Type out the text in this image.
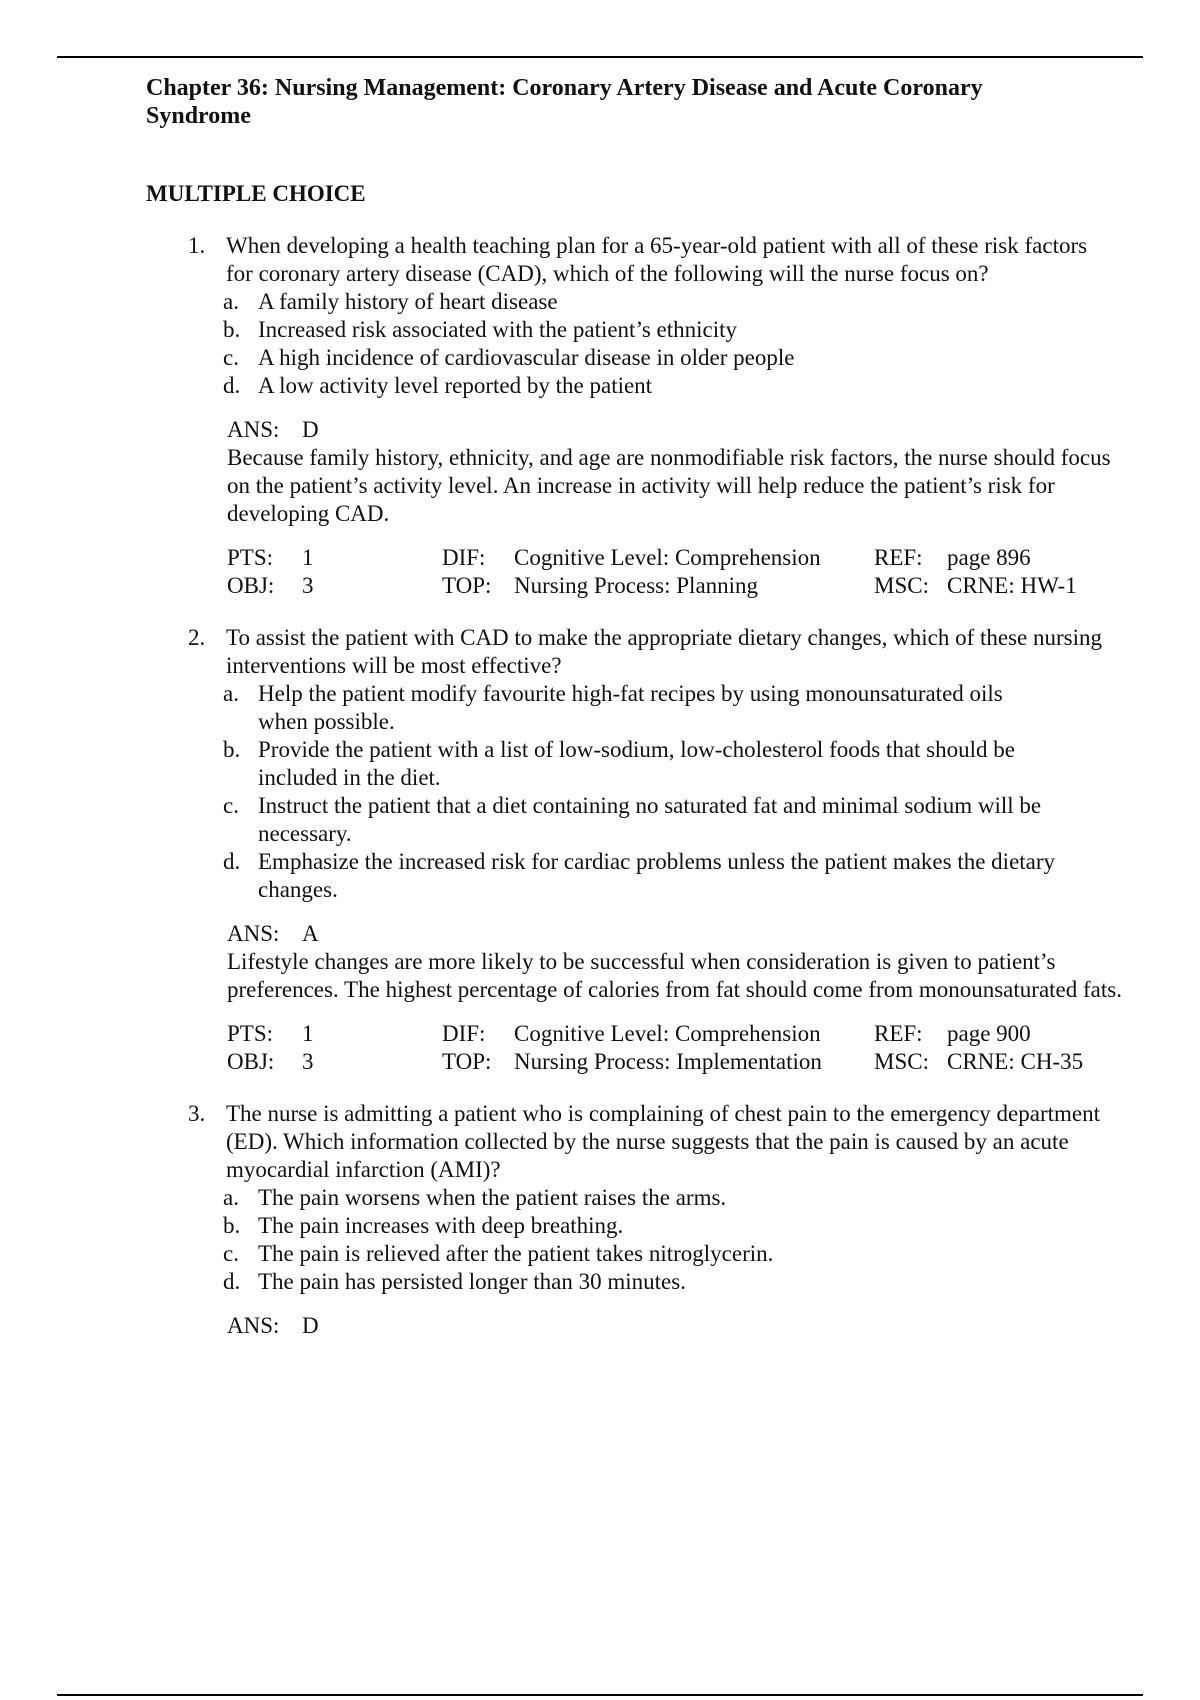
Chapter 36: Nursing Management: Coronary Artery Disease and Acute Coronary Syndrome
MULTIPLE CHOICE
1. When developing a health teaching plan for a 65-year-old patient with all of these risk factors for coronary artery disease (CAD), which of the following will the nurse focus on?
a. A family history of heart disease
b. Increased risk associated with the patient’s ethnicity
c. A high incidence of cardiovascular disease in older people
d. A low activity level reported by the patient
ANS: D
Because family history, ethnicity, and age are nonmodifiable risk factors, the nurse should focus on the patient’s activity level. An increase in activity will help reduce the patient’s risk for developing CAD.
PTS:	1	DIF:	Cognitive Level: Comprehension	REF:	page 896
OBJ:	3	TOP: Nursing Process: Planning	MSC: CRNE: HW-1
2. To assist the patient with CAD to make the appropriate dietary changes, which of these nursing interventions will be most effective?
a. Help the patient modify favourite high-fat recipes by using monounsaturated oils when possible.
b. Provide the patient with a list of low-sodium, low-cholesterol foods that should be included in the diet.
c. Instruct the patient that a diet containing no saturated fat and minimal sodium will be necessary.
d. Emphasize the increased risk for cardiac problems unless the patient makes the dietary changes.
ANS: A
Lifestyle changes are more likely to be successful when consideration is given to patient’s preferences. The highest percentage of calories from fat should come from monounsaturated fats.
PTS:	1	DIF:	Cognitive Level: Comprehension	REF:	page 900
OBJ:	3	TOP: Nursing Process: Implementation	MSC: CRNE: CH-35
3. The nurse is admitting a patient who is complaining of chest pain to the emergency department (ED). Which information collected by the nurse suggests that the pain is caused by an acute myocardial infarction (AMI)?
a. The pain worsens when the patient raises the arms.
b. The pain increases with deep breathing.
c. The pain is relieved after the patient takes nitroglycerin.
d. The pain has persisted longer than 30 minutes.
ANS: D
